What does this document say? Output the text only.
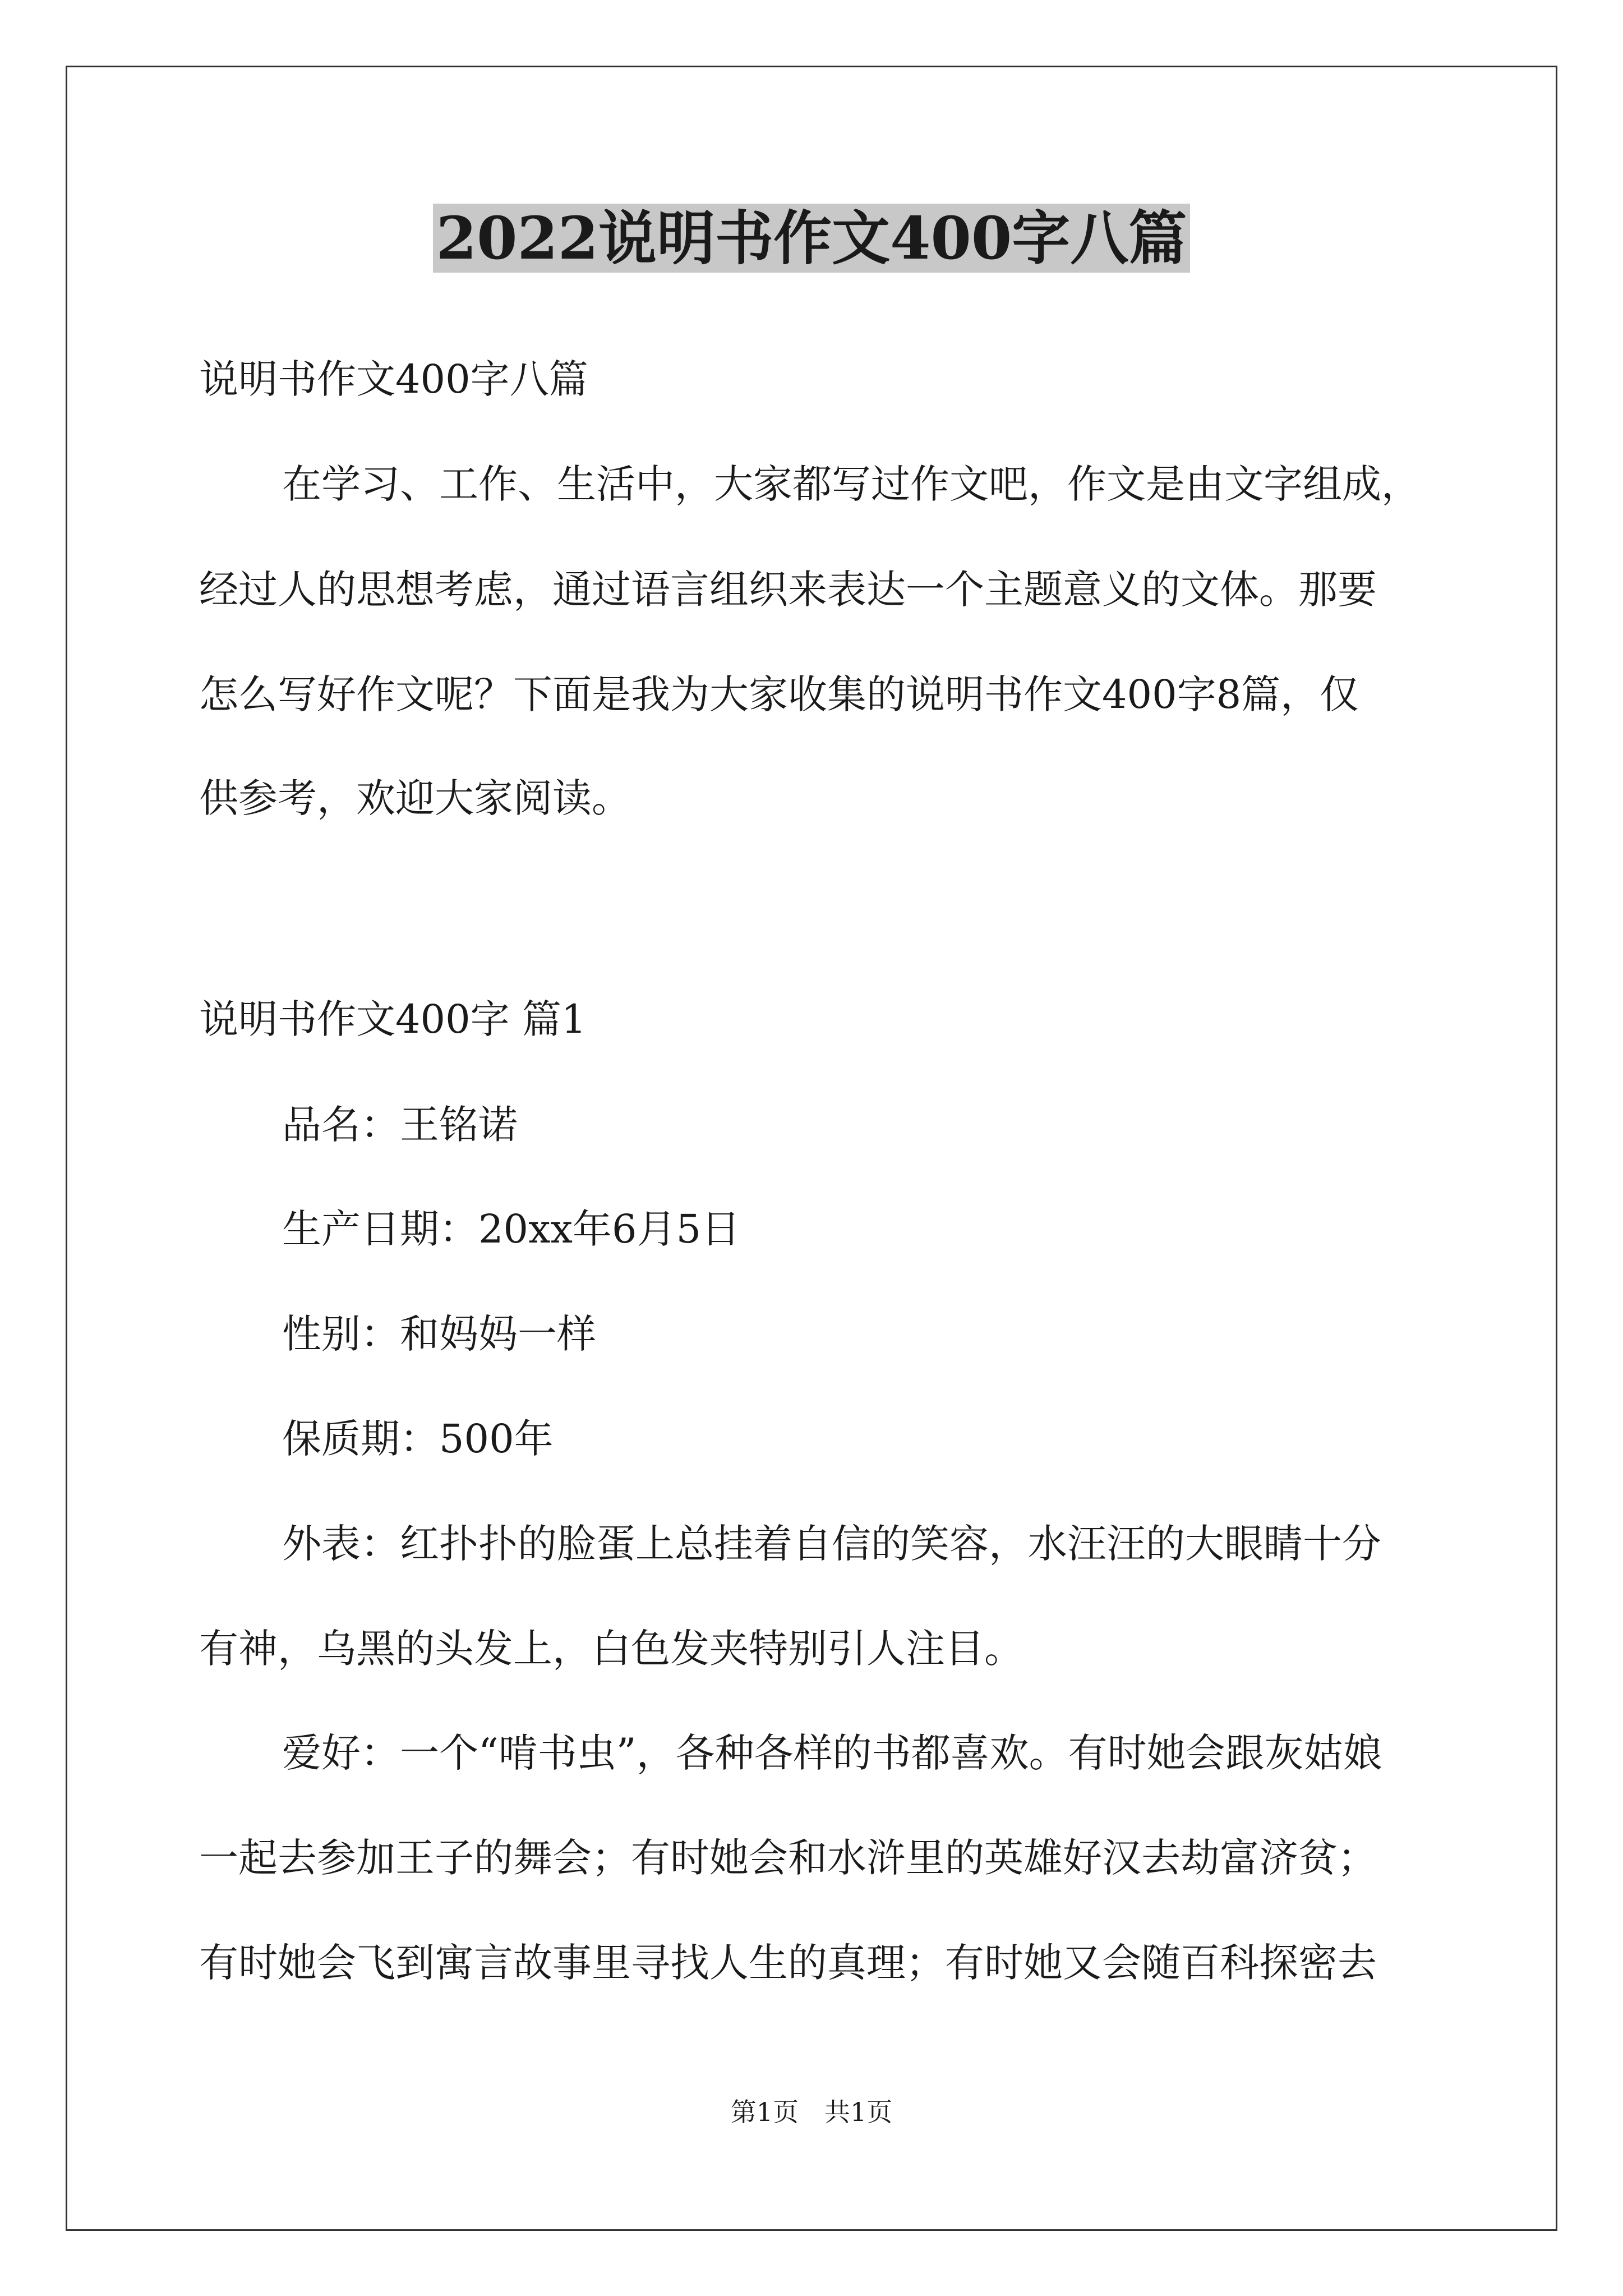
2022说明书作文400字八篇

说明书作文400字八篇

在学习、工作、生活中，大家都写过作文吧，作文是由文字组成，

经过人的思想考虑，通过语言组织来表达一个主题意义的文体。那要

怎么写好作文呢？下面是我为大家收集的说明书作文400字8篇，仅

供参考，欢迎大家阅读。

说明书作文400字 篇1

品名：王铭诺

生产日期：20xx年6月5日

性别：和妈妈一样

保质期：500年

外表：红扑扑的脸蛋上总挂着自信的笑容，水汪汪的大眼睛十分

有神，乌黑的头发上，白色发夹特别引人注目。

爱好：一个“啃书虫”，各种各样的书都喜欢。有时她会跟灰姑娘

一起去参加王子的舞会；有时她会和水浒里的英雄好汉去劫富济贫；

有时她会飞到寓言故事里寻找人生的真理；有时她又会随百科探密去

第1页　共1页
